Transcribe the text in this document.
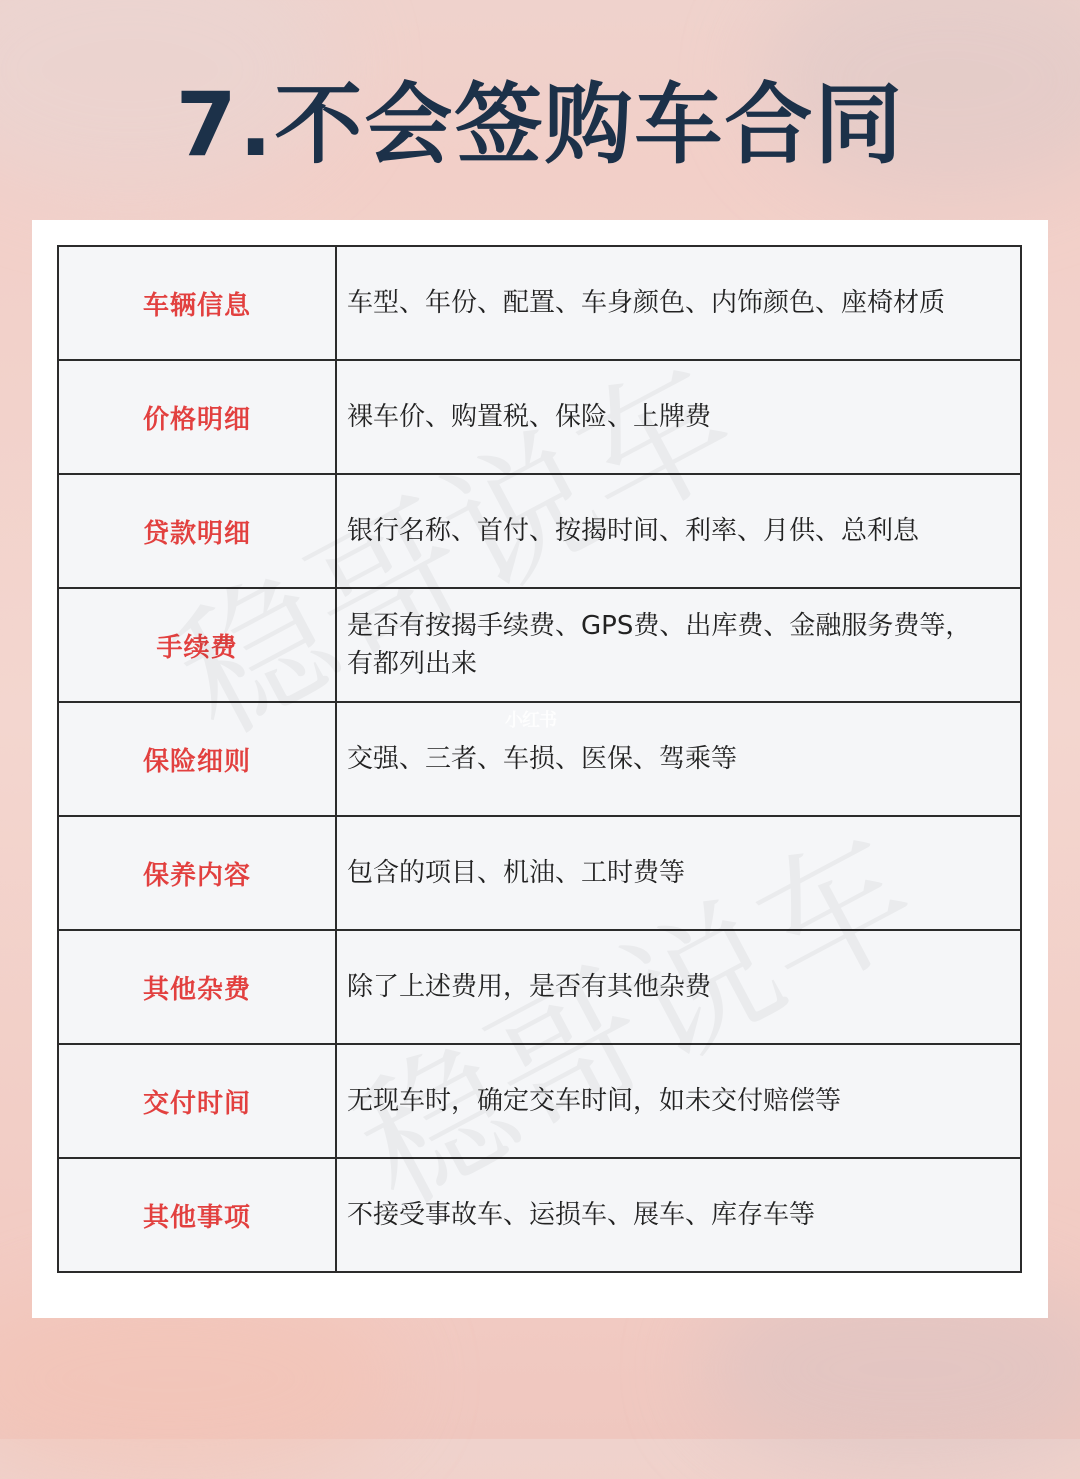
7.不会签购车合同
车辆信息	车型、年份、配置、车身颜色、内饰颜色、座椅材质

价格明细	裸车价、购置税、保险、上牌费

贷款明细	银行名称、首付、按揭时间、利率、月供、总利息

手续费	是否有按揭手续费、GPS费、出库费、金融服务费等，
有都列出来

保险细则	交强、三者、车损、医保、驾乘等

保养内容	包含的项目、机油、工时费等

其他杂费	除了上述费用，是否有其他杂费

交付时间	无现车时，确定交车时间，如未交付赔偿等

其他事项	不接受事故车、运损车、展车、库存车等
小红书
